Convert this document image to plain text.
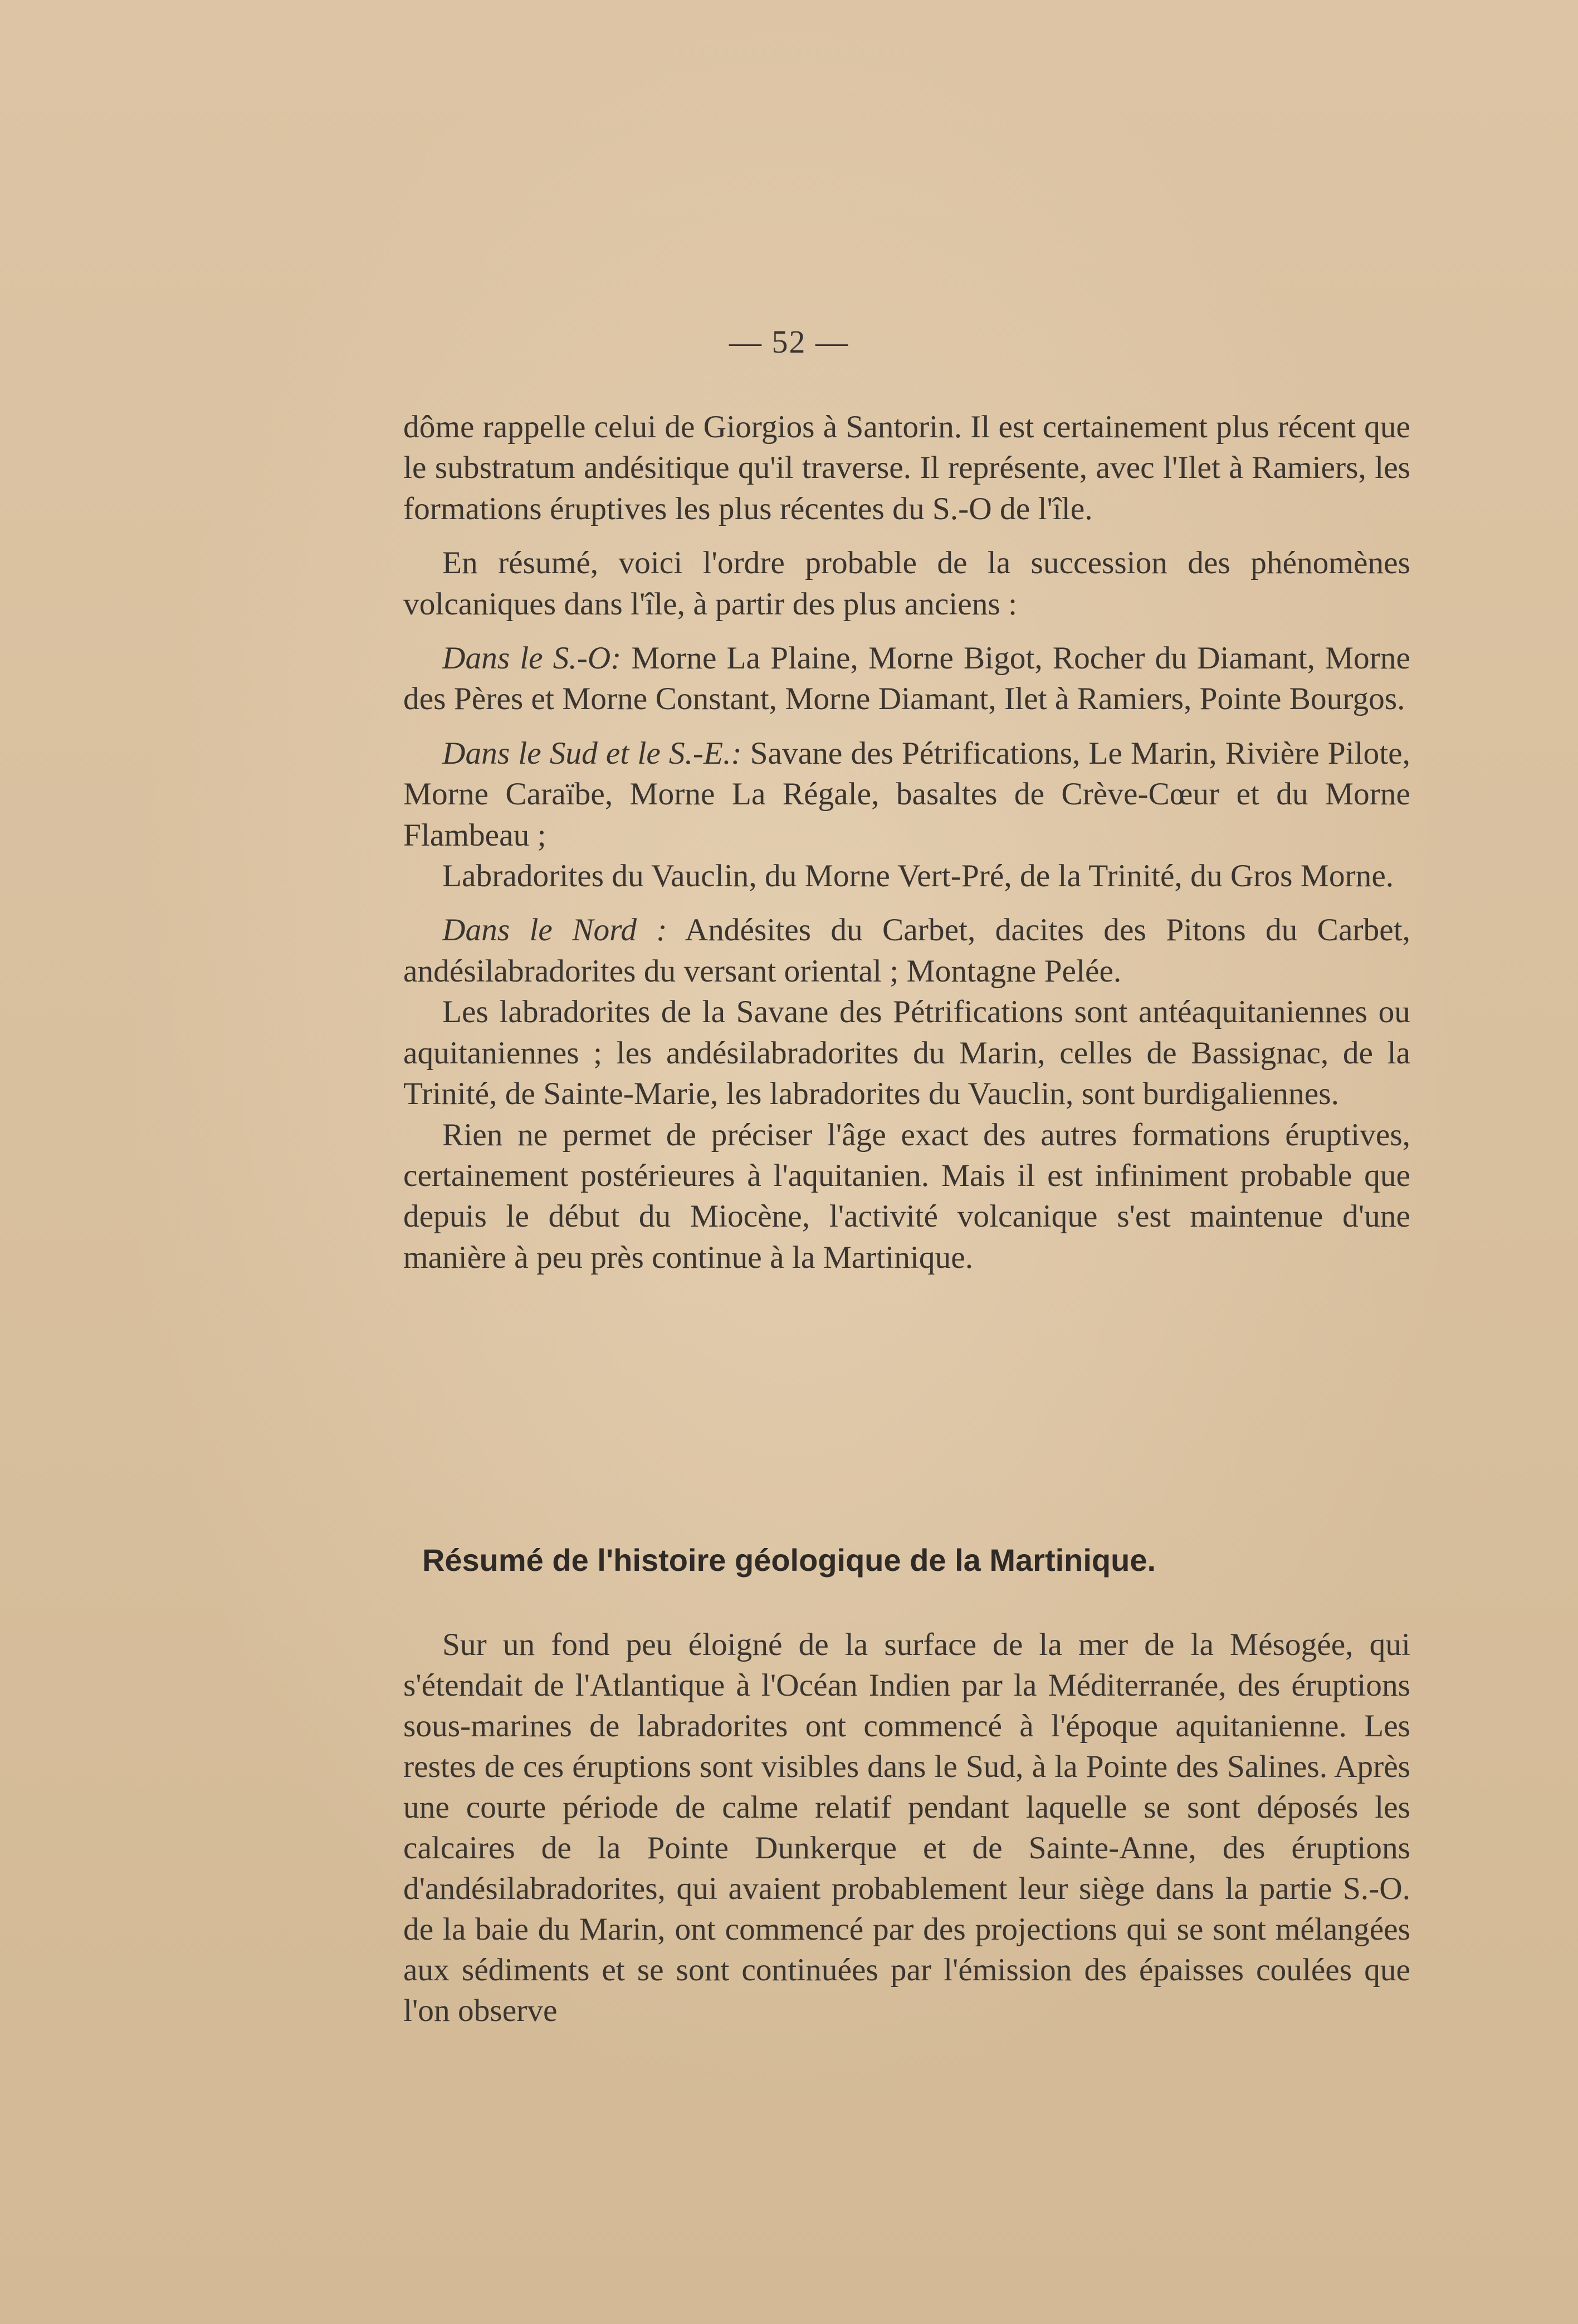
— 52 —

dôme rappelle celui de Giorgios à Santorin. Il est certainement plus récent que le substratum andésitique qu'il traverse. Il représente, avec l'Ilet à Ramiers, les formations éruptives les plus récentes du S.-O de l'île.

En résumé, voici l'ordre probable de la succession des phénomènes volcaniques dans l'île, à partir des plus anciens :

Dans le S.-O: Morne La Plaine, Morne Bigot, Rocher du Diamant, Morne des Pères et Morne Constant, Morne Diamant, Ilet à Ramiers, Pointe Bourgos.

Dans le Sud et le S.-E.: Savane des Pétrifications, Le Marin, Rivière Pilote, Morne Caraïbe, Morne La Régale, basaltes de Crève-Cœur et du Morne Flambeau ;

Labradorites du Vauclin, du Morne Vert-Pré, de la Trinité, du Gros Morne.

Dans le Nord : Andésites du Carbet, dacites des Pitons du Carbet, andésilabradorites du versant oriental ; Montagne Pelée.

Les labradorites de la Savane des Pétrifications sont antéaquitaniennes ou aquitaniennes ; les andésilabradorites du Marin, celles de Bassignac, de la Trinité, de Sainte-Marie, les labradorites du Vauclin, sont burdigaliennes.

Rien ne permet de préciser l'âge exact des autres formations éruptives, certainement postérieures à l'aquitanien. Mais il est infiniment probable que depuis le début du Miocène, l'activité volcanique s'est maintenue d'une manière à peu près continue à la Martinique.

Résumé de l'histoire géologique de la Martinique.

Sur un fond peu éloigné de la surface de la mer de la Mésogée, qui s'étendait de l'Atlantique à l'Océan Indien par la Méditerranée, des éruptions sous-marines de labradorites ont commencé à l'époque aquitanienne. Les restes de ces éruptions sont visibles dans le Sud, à la Pointe des Salines. Après une courte période de calme relatif pendant laquelle se sont déposés les calcaires de la Pointe Dunkerque et de Sainte-Anne, des éruptions d'andésilabradorites, qui avaient probablement leur siège dans la partie S.-O. de la baie du Marin, ont commencé par des projections qui se sont mélangées aux sédiments et se sont continuées par l'émission des épaisses coulées que l'on observe
